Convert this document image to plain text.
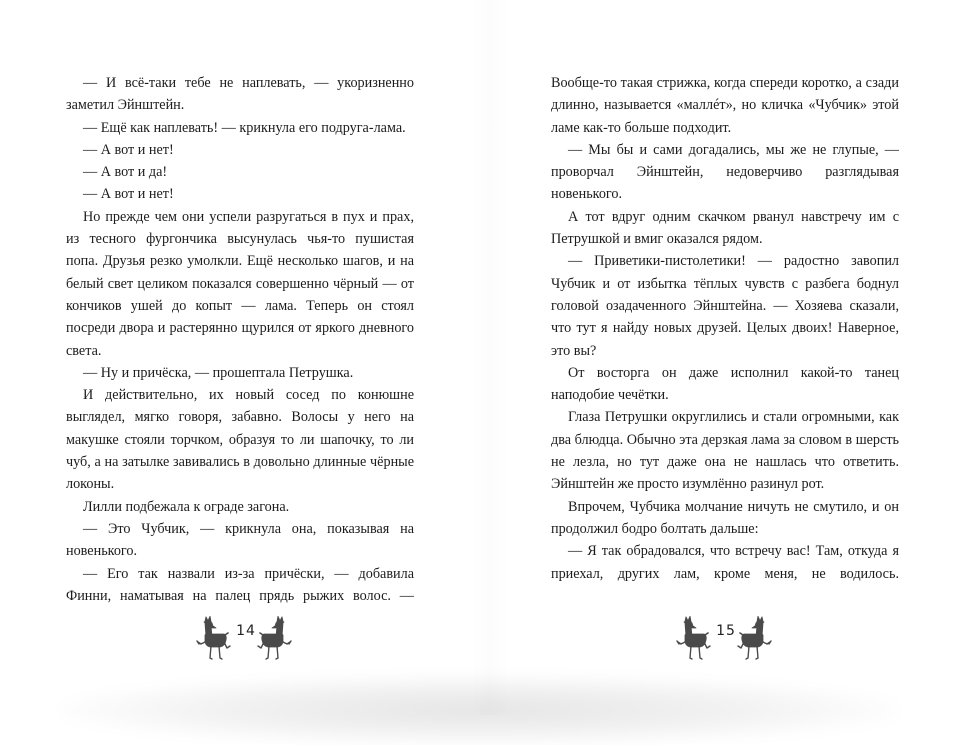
— И всё-таки тебе не наплевать, — укоризненно заметил Эйнштейн.

— Ещё как наплевать! — крикнула его подруга-лама.

— А вот и нет!

— А вот и да!

— А вот и нет!

Но прежде чем они успели разругаться в пух и прах, из тесного фургончика высунулась чья-то пушистая попа. Друзья резко умолкли. Ещё несколько шагов, и на белый свет целиком показался совершенно чёрный — от кончиков ушей до копыт — лама. Теперь он стоял посреди двора и растерянно щурился от яркого дневного света.

— Ну и причёска, — прошептала Петрушка.

И действительно, их новый сосед по конюшне выглядел, мягко говоря, забавно. Волосы у него на макушке стояли торчком, образуя то ли шапочку, то ли чуб, а на затылке завивались в довольно длинные чёрные локоны.

Лилли подбежала к ограде загона.

— Это Чубчик, — крикнула она, показывая на новенького.

— Его так назвали из-за причёски, — добавила Финни, наматывая на палец прядь рыжих волос. —

Вообще-то такая стрижка, когда спереди коротко, а сзади длинно, называется «маллéт», но кличка «Чубчик» этой ламе как-то больше подходит.

— Мы бы и сами догадались, мы же не глупые, — проворчал Эйнштейн, недоверчиво разглядывая новенького.

А тот вдруг одним скачком рванул навстречу им с Петрушкой и вмиг оказался рядом.

— Приветики-пистолетики! — радостно завопил Чубчик и от избытка тёплых чувств с разбега боднул головой озадаченного Эйнштейна. — Хозяева сказали, что тут я найду новых друзей. Целых двоих! Наверное, это вы?

От восторга он даже исполнил какой-то танец наподобие чечётки.

Глаза Петрушки округлились и стали огромными, как два блюдца. Обычно эта дерзкая лама за словом в шерсть не лезла, но тут даже она не нашлась что ответить. Эйнштейн же просто изумлённо разинул рот.

Впрочем, Чубчика молчание ничуть не смутило, и он продолжил бодро болтать дальше:

— Я так обрадовался, что встречу вас! Там, откуда я приехал, других лам, кроме меня, не водилось.

14	15
